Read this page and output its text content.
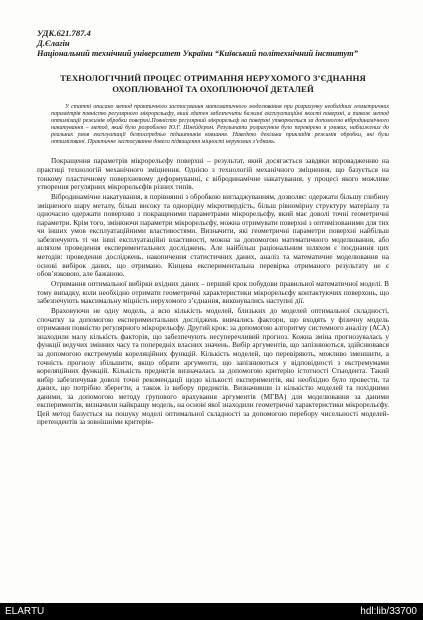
УДК.621.787.4
Д.Єлагін
Національний технічний університет України “Київський політехнічний інститут”
ТЕХНОЛОГІЧНИЙ ПРОЦЕС ОТРИМАННЯ НЕРУХОМОГО З’ЄДНАННЯ ОХОПЛЮВАНОЇ ТА ОХОПЛЮЮЧОЇ ДЕТАЛЕЙ
У статті описано метод практичного застосування математичного моделювання при розрахунку необхідних геометричних параметрів повністю регулярного мікрорельєфу, який здатен забезпечити бажані експлуатаційні якості поверхні, а також метод оптимізації режимів обробки поверхні.Повністю регулярний мікрорельєф на поверхні утворюється за допомогою вібродинамічного накатування – метод, який було розроблено Ю.Г. Шнейдером. Результати розрахунків було перевірено в умовах, наближених до реальних умов експлуатації безпосередньо підшипників ковзання. Наведено декілька прикладів режимів обробки, які були оптимізовані. Практичне застосування довело підвищення міцності нерухомих з’єднань.

Покращення параметрів мікрорельєфу поверхні – результат, який досягається завдяки впровадженню на практиці технологій механічного зміцнення. Однією з технологій механічного зміцнення, що базується на тонкому пластичному поверхневому деформуванні, є вібродинамічне накатування, у процесі якого можливе утворення регулярних мікрорельєфів різних типів.

Вібродинамічне накатування, в порівнянні з обробкою вигладжуванням, дозволяє: одержати більшу глибину зміцненого шару металу, більш високу та однорідну мікротвердість, більш рівномірну структуру матеріалу та одночасно одержати поверхню з покращеними параметрами мікрорельєфу, який має доволі точні геометричні параметри. Крім того, змінюючи параметри мікрорельєфу, можна отримувати поверхні з оптимізованими для тих чи інших умов експлуатаційними властивостями. Визначити, які геометричні параметри поверхні найбільш забезпечують ті чи інші експлуатаційні властивості, можна за допомогою математичного моделювання, або шляхом проведення експериментальних досліджень. Але найбільш раціональним шляхом є поєднання цих методів: проведення досліджень, накопичення статистичних даних, аналіз та математичне моделювання на основі вибірок даних, що отримано. Кінцева експериментальна перевірка отриманого результату не є обов’язковою, але бажаною.

Отримання оптимальної вибірки вхідних даних – перший крок побудови правильної математичної моделі. В тому випадку, коли необхідно отримати геометричні характеристики мікрорельєфу контактуючих поверхонь, що забезпечують максимальну міцність нерухомого з’єднання, виконувались наступні дії.

Враховуючи не одну модель, а всю кількість моделей, близьких до моделей оптимальної складності, спочатку за допомогою експериментальних досліджень вивчались фактори, що входять у фізичну модель отримання повністю регулярного мікрорельєфу. Другий крок: за допомогою алгоритму системного аналізу (АСА) знаходили малу кількість факторів, що забезпечують несуперечливий прогноз. Кожна зміна прогнозувалась у функції ведучих змінних часу та попередніх власних значень. Вибір аргументів, що запізнюються, здійснювався за допомогою екстремумів кореляційних функцій. Кількість моделей, що перевіряють, можливо зменшити, а точність прогнозу збільшити, якщо обрати аргументи, що запізнюються у відповідності з екстремумами кореляційних функцій. Кількість предиктів визначалась за допомогою критерію істотності Стьюдента. Такий вибір забезпечував доволі точні рекомендації щодо кількості експериментів, які необхідно було провести, та даних, що потрібно зберегти, а також із вибору предиктів. Визначивши із кількістю моделей та похідними даними, за допомогою методу групового врахування аргументів (МГВА) для моделювання за даними експериментів, визначили найкращу модель, на основі якої знаходили геометричні характеристики мікрорельєфу. Цей метод базується на пошуку моделі оптимальної складності за допомогою перебору чисельності моделей-претендентів за зовнішніми критерія-

ELARTU	hdl:lib/33700
